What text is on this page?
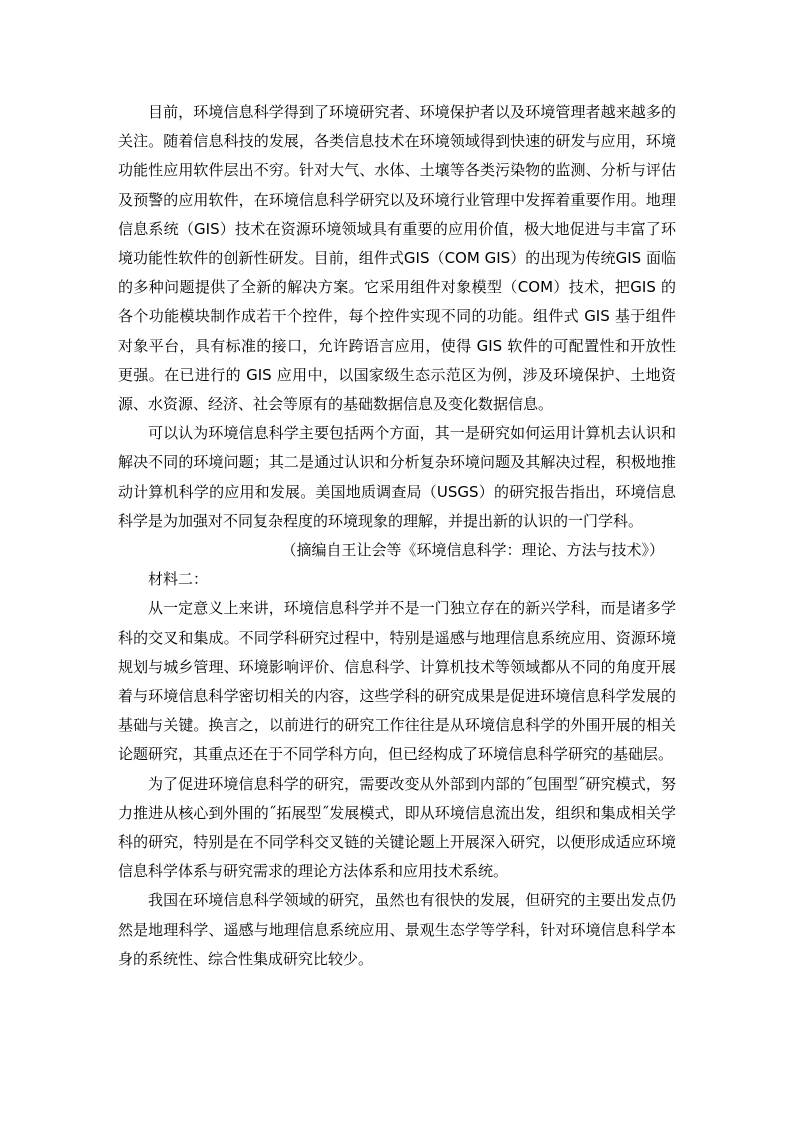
目前，环境信息科学得到了环境研究者、环境保护者以及环境管理者越来越多的关注。随着信息科技的发展，各类信息技术在环境领域得到快速的研发与应用，环境功能性应用软件层出不穷。针对大气、水体、土壤等各类污染物的监测、分析与评估及预警的应用软件，在环境信息科学研究以及环境行业管理中发挥着重要作用。地理信息系统（GIS）技术在资源环境领域具有重要的应用价值，极大地促进与丰富了环境功能性软件的创新性研发。目前，组件式GIS（COM GIS）的出现为传统GIS 面临的多种问题提供了全新的解决方案。它采用组件对象模型（COM）技术，把GIS 的各个功能模块制作成若干个控件，每个控件实现不同的功能。组件式 GIS 基于组件对象平台，具有标准的接口，允许跨语言应用，使得 GIS 软件的可配置性和开放性更强。在已进行的 GIS 应用中，以国家级生态示范区为例，涉及环境保护、土地资源、水资源、经济、社会等原有的基础数据信息及变化数据信息。

可以认为环境信息科学主要包括两个方面，其一是研究如何运用计算机去认识和解决不同的环境问题；其二是通过认识和分析复杂环境问题及其解决过程，积极地推动计算机科学的应用和发展。美国地质调查局（USGS）的研究报告指出，环境信息科学是为加强对不同复杂程度的环境现象的理解，并提出新的认识的一门学科。

（摘编自王让会等《环境信息科学：理论、方法与技术》）

材料二：

从一定意义上来讲，环境信息科学并不是一门独立存在的新兴学科，而是诸多学科的交叉和集成。不同学科研究过程中，特别是遥感与地理信息系统应用、资源环境规划与城乡管理、环境影响评价、信息科学、计算机技术等领域都从不同的角度开展着与环境信息科学密切相关的内容，这些学科的研究成果是促进环境信息科学发展的基础与关键。换言之，以前进行的研究工作往往是从环境信息科学的外围开展的相关论题研究，其重点还在于不同学科方向，但已经构成了环境信息科学研究的基础层。

为了促进环境信息科学的研究，需要改变从外部到内部的˝包围型˝研究模式，努力推进从核心到外围的˝拓展型˝发展模式，即从环境信息流出发，组织和集成相关学科的研究，特别是在不同学科交叉链的关键论题上开展深入研究，以便形成适应环境信息科学体系与研究需求的理论方法体系和应用技术系统。

我国在环境信息科学领域的研究，虽然也有很快的发展，但研究的主要出发点仍然是地理科学、遥感与地理信息系统应用、景观生态学等学科，针对环境信息科学本身的系统性、综合性集成研究比较少。
